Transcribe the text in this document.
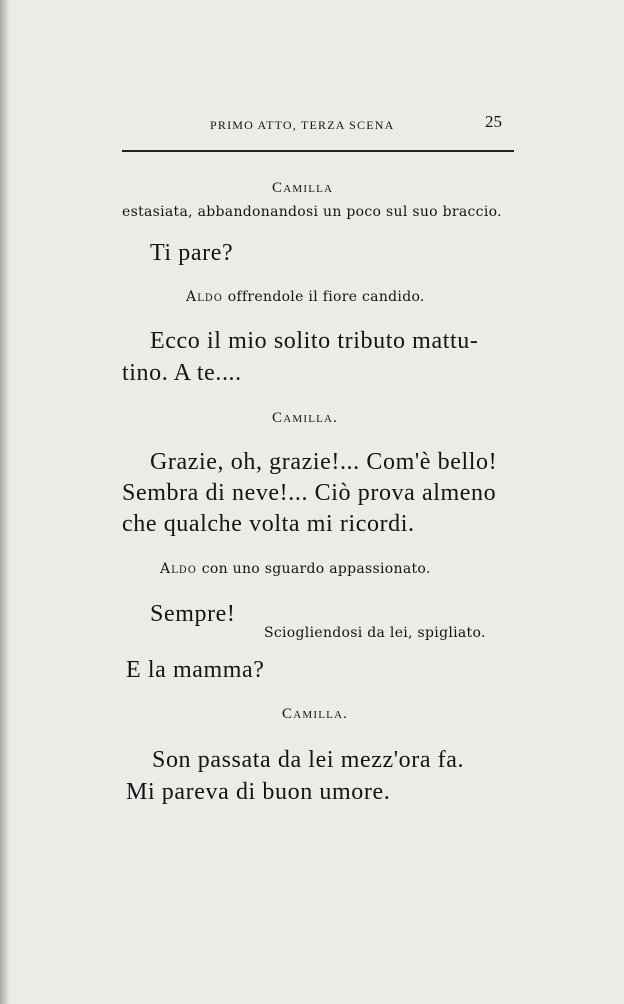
PRIMO ATTO, TERZA SCENA	25

Camilla

estasiata, abbandonandosi un poco sul suo braccio.

Ti pare?

Aldo offrendole il fiore candido.

Ecco il mio solito tributo mattu-

tino. A te....

Camilla.

Grazie, oh, grazie!... Com'è bello!

Sembra di neve!... Ciò prova almeno

che qualche volta mi ricordi.

Aldo con uno sguardo appassionato.

Sempre!

Sciogliendosi da lei, spigliato.

E la mamma?

Camilla.

Son passata da lei mezz'ora fa.

Mi pareva di buon umore.
